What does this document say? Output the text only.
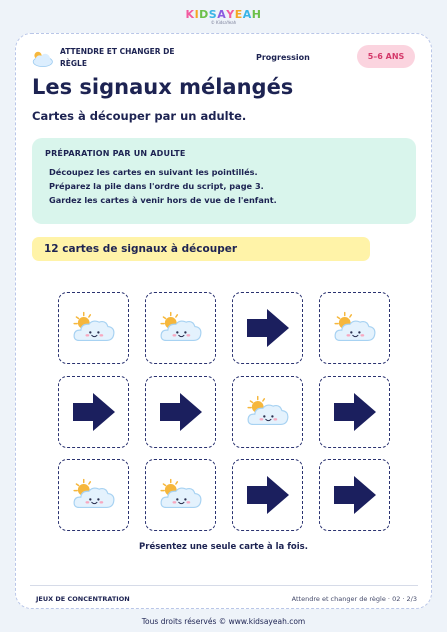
KIDSAYEAH
© KidsaYeah
ATTENDRE ET CHANGER DE RÈGLE
Progression	5–6 ANS
Les signaux mélangés
Cartes à découper par un adulte.
PRÉPARATION PAR UN ADULTE
Découpez les cartes en suivant les pointillés.
Préparez la pile dans l'ordre du script, page 3.
Gardez les cartes à venir hors de vue de l'enfant.
12 cartes de signaux à découper
Présentez une seule carte à la fois.
JEUX DE CONCENTRATION	Attendre et changer de règle · 02 · 2/3
Tous droits réservés © www.kidsayeah.com
